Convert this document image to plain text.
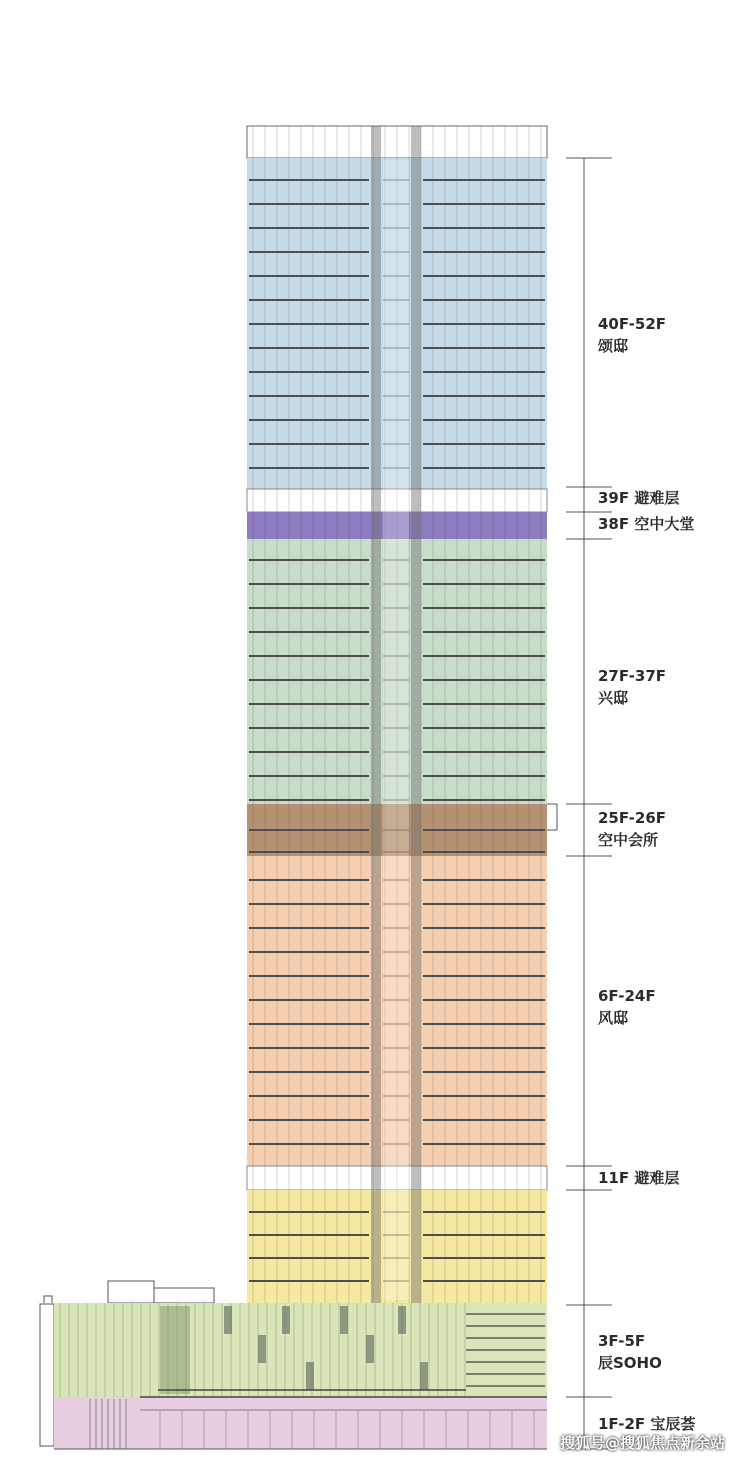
40F-52F
颂邸
39F 避难层
38F 空中大堂
27F-37F
兴邸
25F-26F
空中会所
6F-24F
风邸
11F 避难层
3F-5F
辰SOHO
1F-2F 宝辰荟
搜狐号@搜狐焦点新余站
